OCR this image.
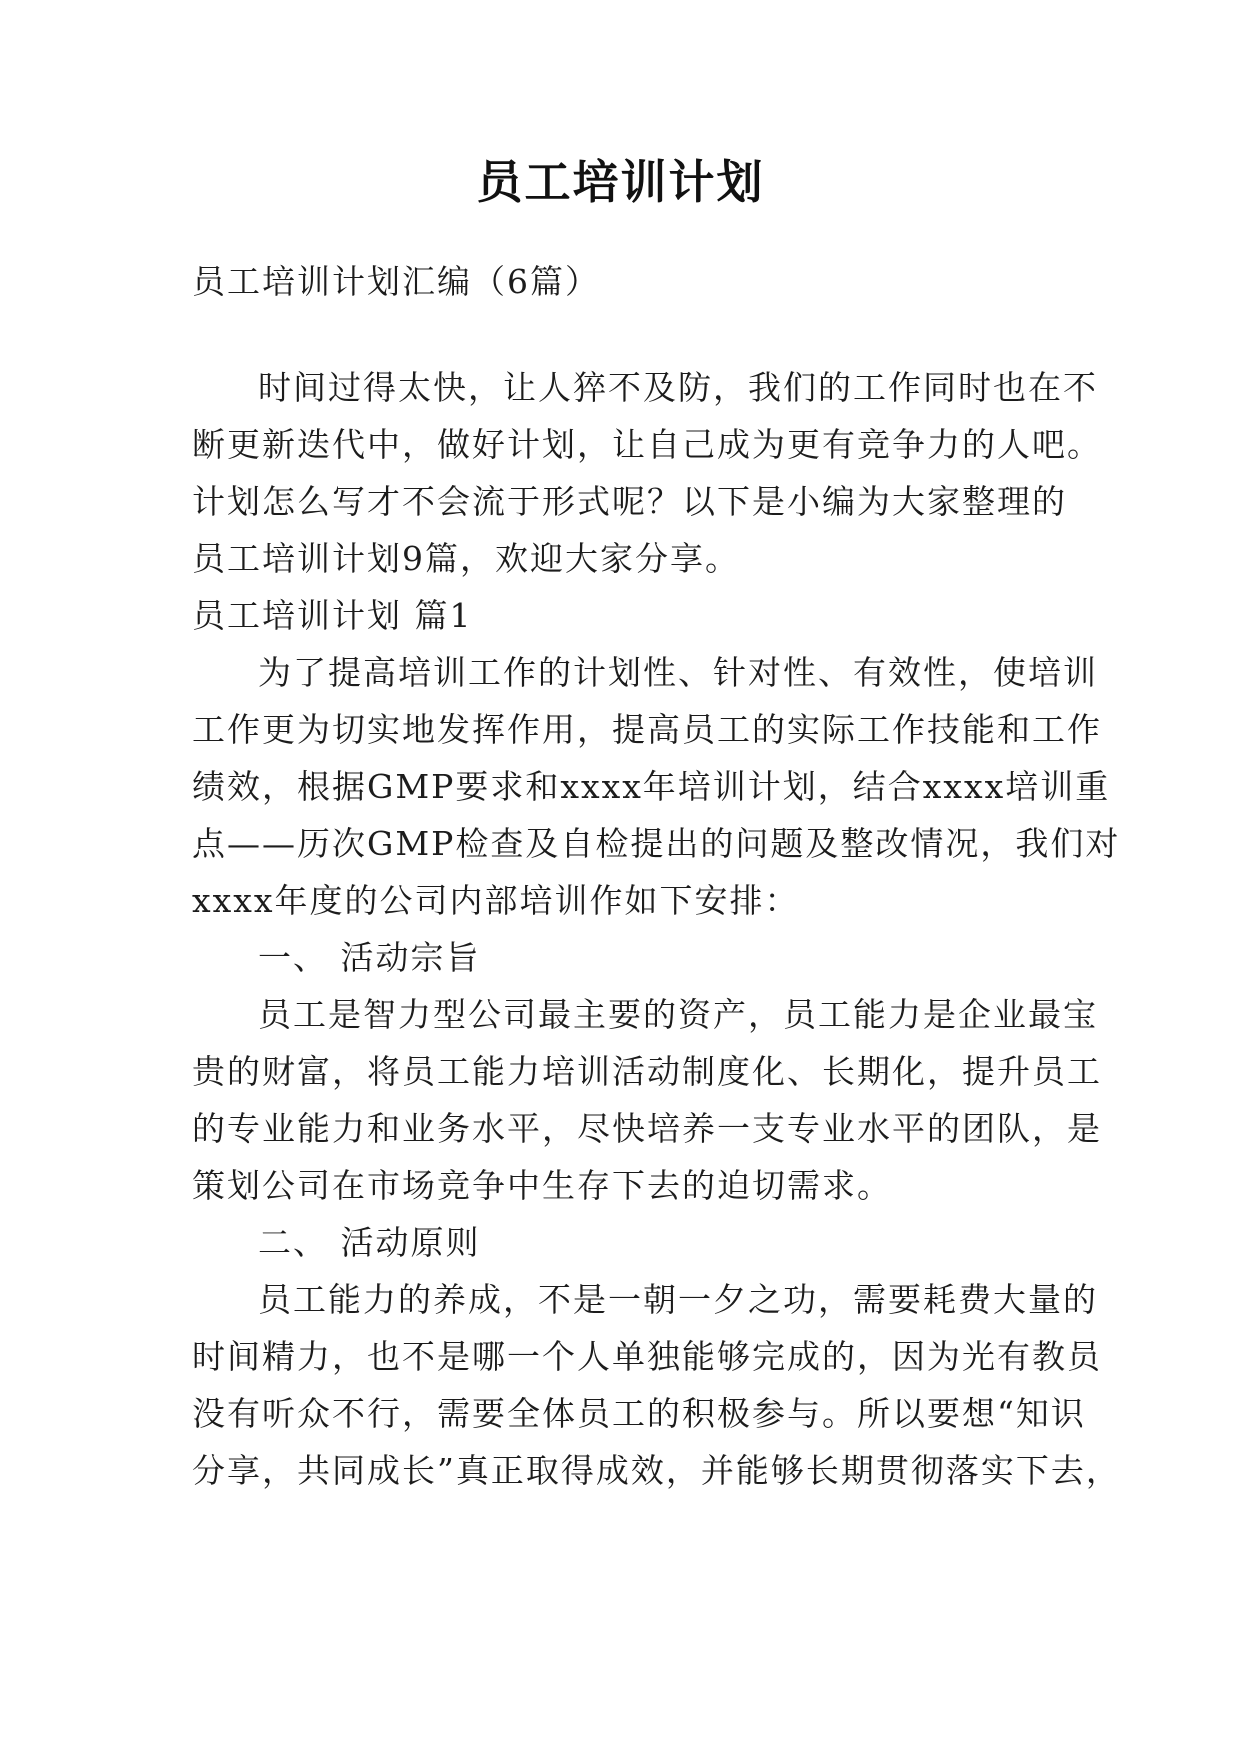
员工培训计划
员工培训计划汇编（6篇）
时间过得太快，让人猝不及防，我们的工作同时也在不
断更新迭代中，做好计划，让自己成为更有竞争力的人吧。
计划怎么写才不会流于形式呢？以下是小编为大家整理的
员工培训计划9篇，欢迎大家分享。
员工培训计划 篇1
为了提高培训工作的计划性、针对性、有效性，使培训
工作更为切实地发挥作用，提高员工的实际工作技能和工作
绩效，根据GMP要求和xxxx年培训计划，结合xxxx培训重
点——历次GMP检查及自检提出的问题及整改情况，我们对
xxxx年度的公司内部培训作如下安排：
一、 活动宗旨
员工是智力型公司最主要的资产，员工能力是企业最宝
贵的财富，将员工能力培训活动制度化、长期化，提升员工
的专业能力和业务水平，尽快培养一支专业水平的团队，是
策划公司在市场竞争中生存下去的迫切需求。
二、 活动原则
员工能力的养成，不是一朝一夕之功，需要耗费大量的
时间精力，也不是哪一个人单独能够完成的，因为光有教员
没有听众不行，需要全体员工的积极参与。所以要想“知识
分享，共同成长”真正取得成效，并能够长期贯彻落实下去，
